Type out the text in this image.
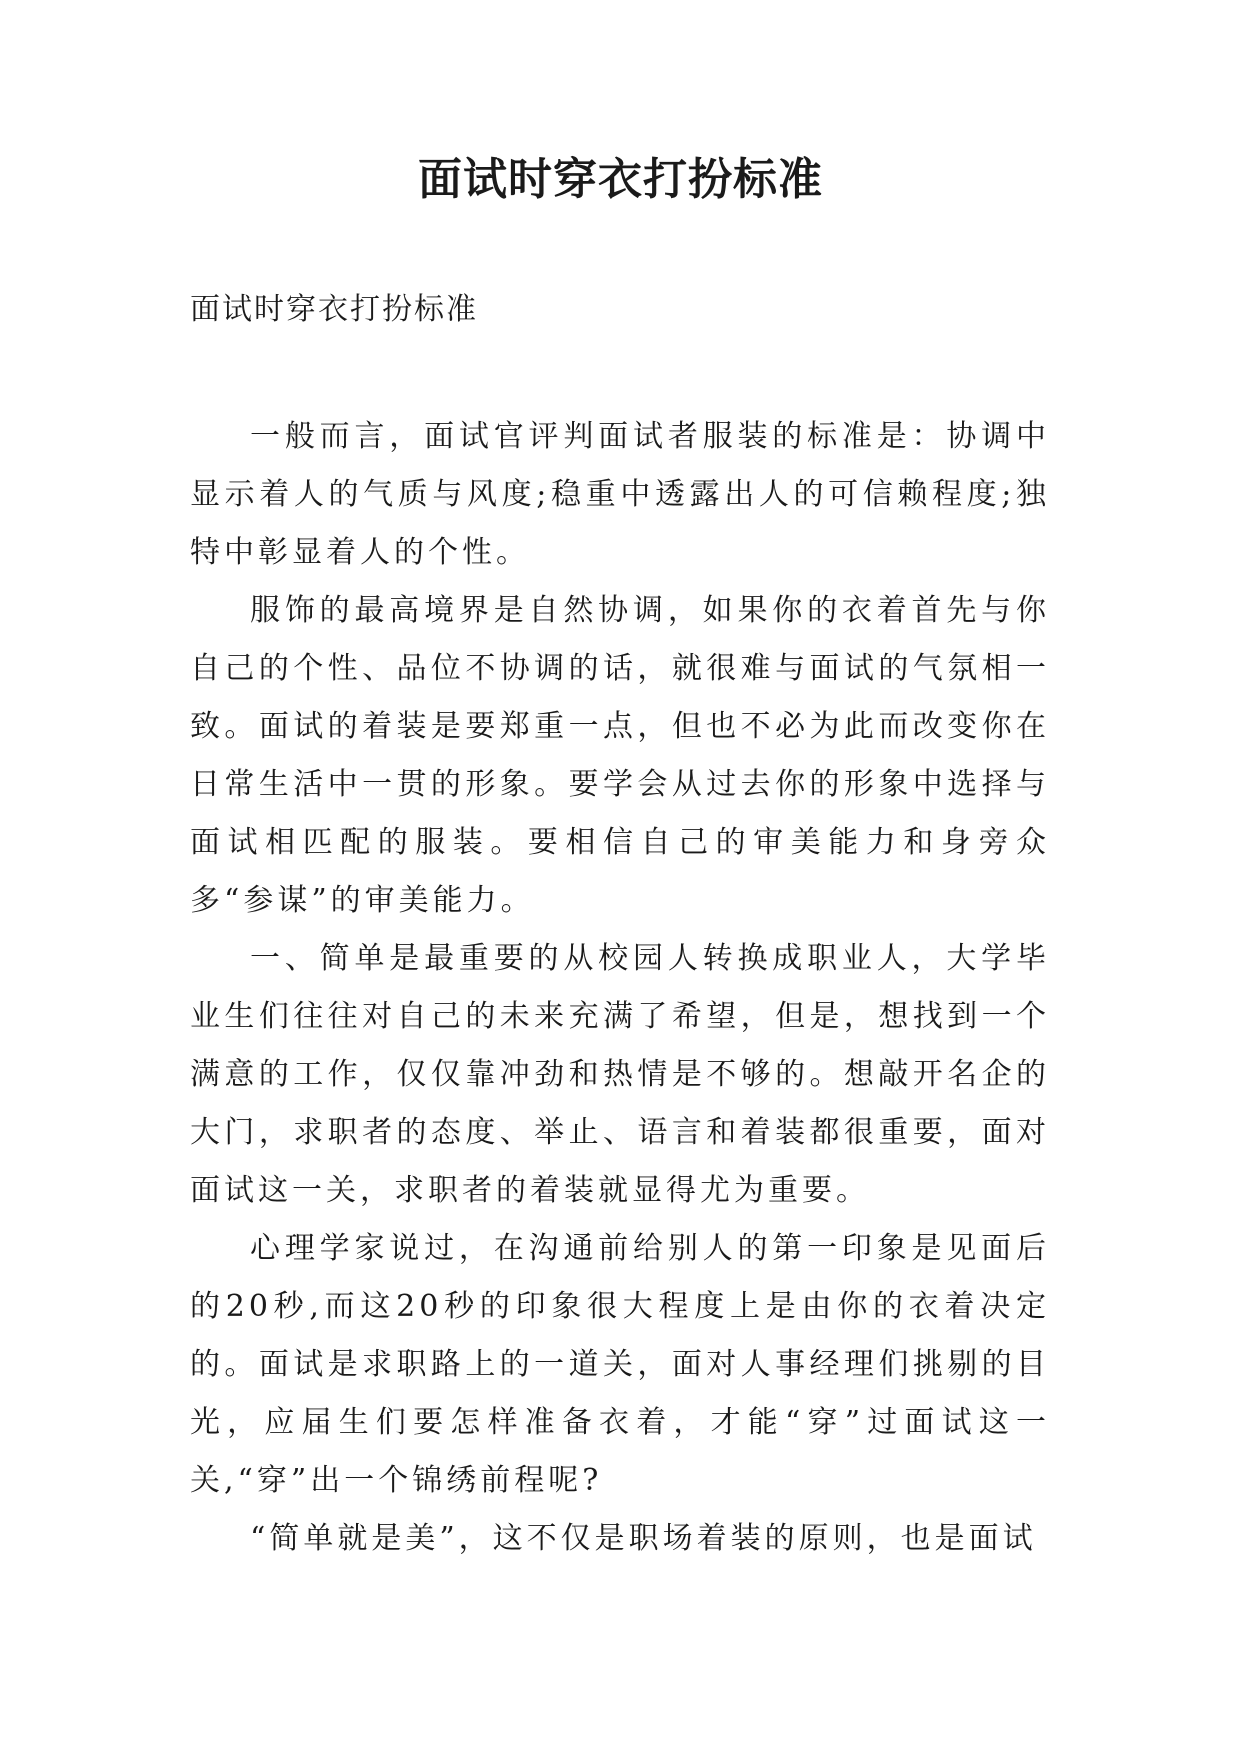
面试时穿衣打扮标准
面试时穿衣打扮标准

一般而言，面试官评判面试者服装的标准是：协调中显示着人的气质与风度;稳重中透露出人的可信赖程度;独特中彰显着人的个性。

服饰的最高境界是自然协调，如果你的衣着首先与你自己的个性、品位不协调的话，就很难与面试的气氛相一致。面试的着装是要郑重一点，但也不必为此而改变你在日常生活中一贯的形象。要学会从过去你的形象中选择与面试相匹配的服装。要相信自己的审美能力和身旁众多“参谋”的审美能力。

一、简单是最重要的从校园人转换成职业人，大学毕业生们往往对自己的未来充满了希望，但是，想找到一个满意的工作，仅仅靠冲劲和热情是不够的。想敲开名企的大门，求职者的态度、举止、语言和着装都很重要，面对面试这一关，求职者的着装就显得尤为重要。

心理学家说过，在沟通前给别人的第一印象是见面后的20秒,而这20秒的印象很大程度上是由你的衣着决定的。面试是求职路上的一道关，面对人事经理们挑剔的目光，应届生们要怎样准备衣着，才能“穿”过面试这一关,“穿”出一个锦绣前程呢?

“简单就是美”，这不仅是职场着装的原则，也是面试
